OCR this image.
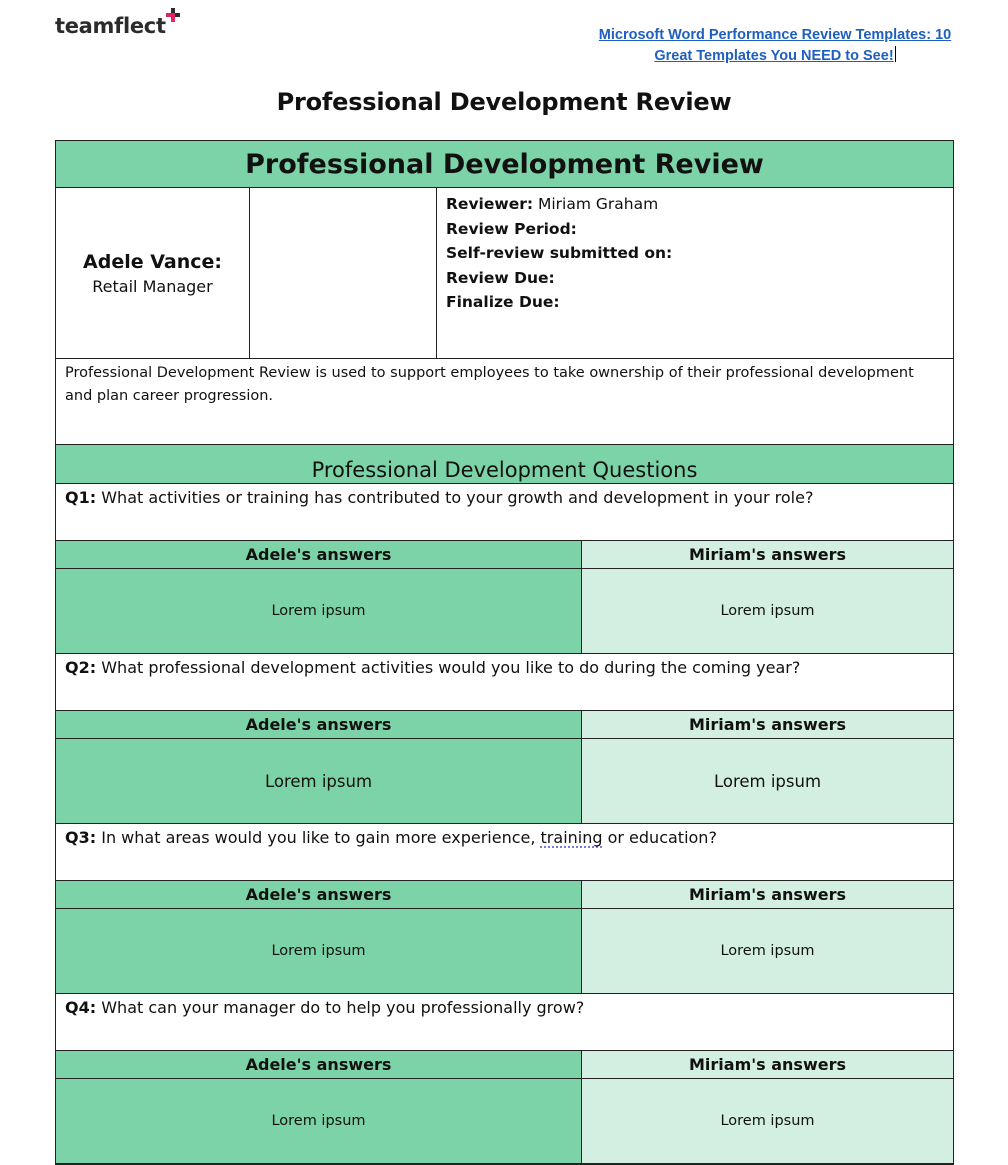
teamflect	Microsoft Word Performance Review Templates: 10
Great Templates You NEED to See!
Professional Development Review
Professional Development Review
Adele Vance:
Retail Manager
Reviewer: Miriam Graham
Review Period:
Self-review submitted on:
Review Due:
Finalize Due:
Professional Development Review is used to support employees to take ownership of their professional development and plan career progression.
Professional Development Questions
Q1: What activities or training has contributed to your growth and development in your role?
Adele's answers	Miriam's answers
Lorem ipsum	Lorem ipsum
Q2: What professional development activities would you like to do during the coming year?
Adele's answers	Miriam's answers
Lorem ipsum	Lorem ipsum
Q3: In what areas would you like to gain more experience, training or education?
Adele's answers	Miriam's answers
Lorem ipsum	Lorem ipsum
Q4: What can your manager do to help you professionally grow?
Adele's answers	Miriam's answers
Lorem ipsum	Lorem ipsum
